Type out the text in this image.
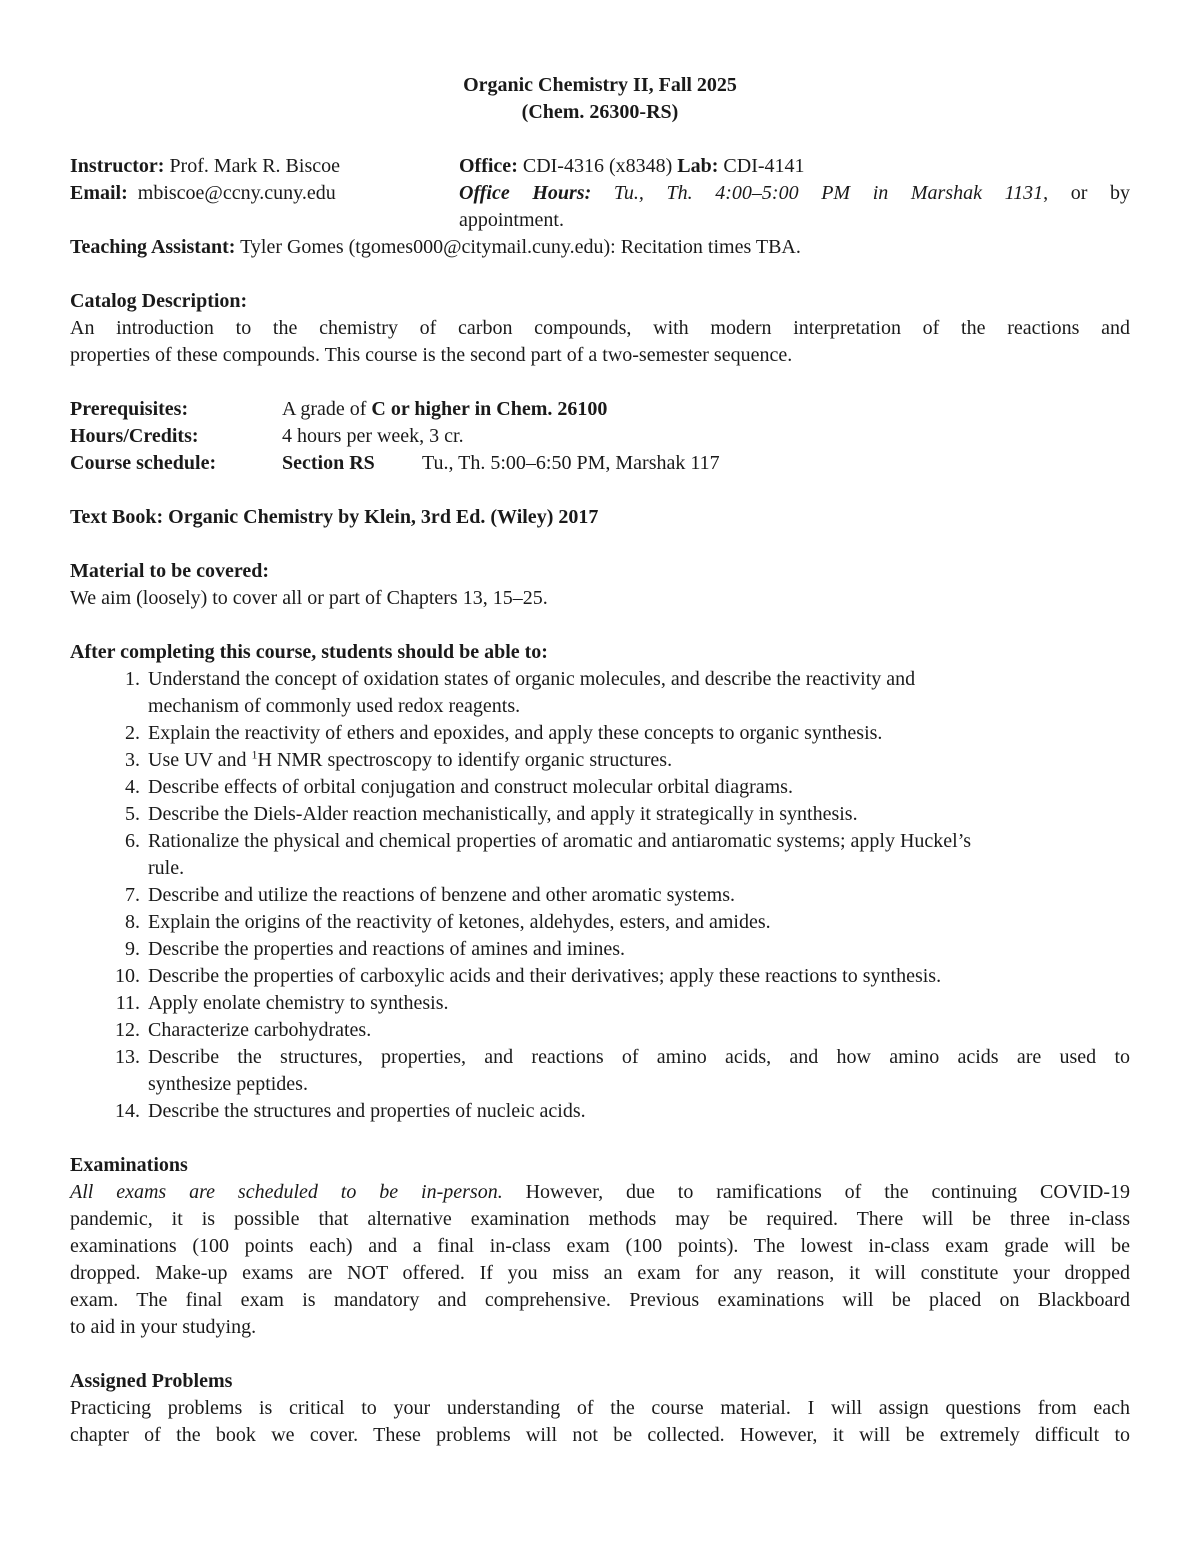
Organic Chemistry II, Fall 2025
(Chem. 26300-RS)
Instructor: Prof. Mark R. Biscoe	Office: CDI-4316 (x8348) Lab: CDI-4141
Email: mbiscoe@ccny.cuny.edu	Office Hours: Tu., Th. 4:00–5:00 PM in Marshak 1131, or by
appointment.
Teaching Assistant: Tyler Gomes (tgomes000@citymail.cuny.edu): Recitation times TBA.
Catalog Description:
An introduction to the chemistry of carbon compounds, with modern interpretation of the reactions and
properties of these compounds. This course is the second part of a two-semester sequence.
Prerequisites:	A grade of C or higher in Chem. 26100
Hours/Credits:	4 hours per week, 3 cr.
Course schedule:	Section RS Tu., Th. 5:00–6:50 PM, Marshak 117
Text Book: Organic Chemistry by Klein, 3rd Ed. (Wiley) 2017
Material to be covered:
We aim (loosely) to cover all or part of Chapters 13, 15–25.
After completing this course, students should be able to:
1. Understand the concept of oxidation states of organic molecules, and describe the reactivity and
mechanism of commonly used redox reagents.
2. Explain the reactivity of ethers and epoxides, and apply these concepts to organic synthesis.
3. Use UV and $^1$H NMR spectroscopy to identify organic structures.
4. Describe effects of orbital conjugation and construct molecular orbital diagrams.
5. Describe the Diels-Alder reaction mechanistically, and apply it strategically in synthesis.
6. Rationalize the physical and chemical properties of aromatic and antiaromatic systems; apply Huckel’s
rule.
7. Describe and utilize the reactions of benzene and other aromatic systems.
8. Explain the origins of the reactivity of ketones, aldehydes, esters, and amides.
9. Describe the properties and reactions of amines and imines.
10. Describe the properties of carboxylic acids and their derivatives; apply these reactions to synthesis.
11. Apply enolate chemistry to synthesis.
12. Characterize carbohydrates.
13. Describe the structures, properties, and reactions of amino acids, and how amino acids are used to
synthesize peptides.
14. Describe the structures and properties of nucleic acids.
Examinations
All exams are scheduled to be in-person. However, due to ramifications of the continuing COVID-19
pandemic, it is possible that alternative examination methods may be required. There will be three in-class
examinations (100 points each) and a final in-class exam (100 points). The lowest in-class exam grade will be
dropped. Make-up exams are NOT offered. If you miss an exam for any reason, it will constitute your dropped
exam. The final exam is mandatory and comprehensive. Previous examinations will be placed on Blackboard
to aid in your studying.
Assigned Problems
Practicing problems is critical to your understanding of the course material. I will assign questions from each
chapter of the book we cover. These problems will not be collected. However, it will be extremely difficult to
